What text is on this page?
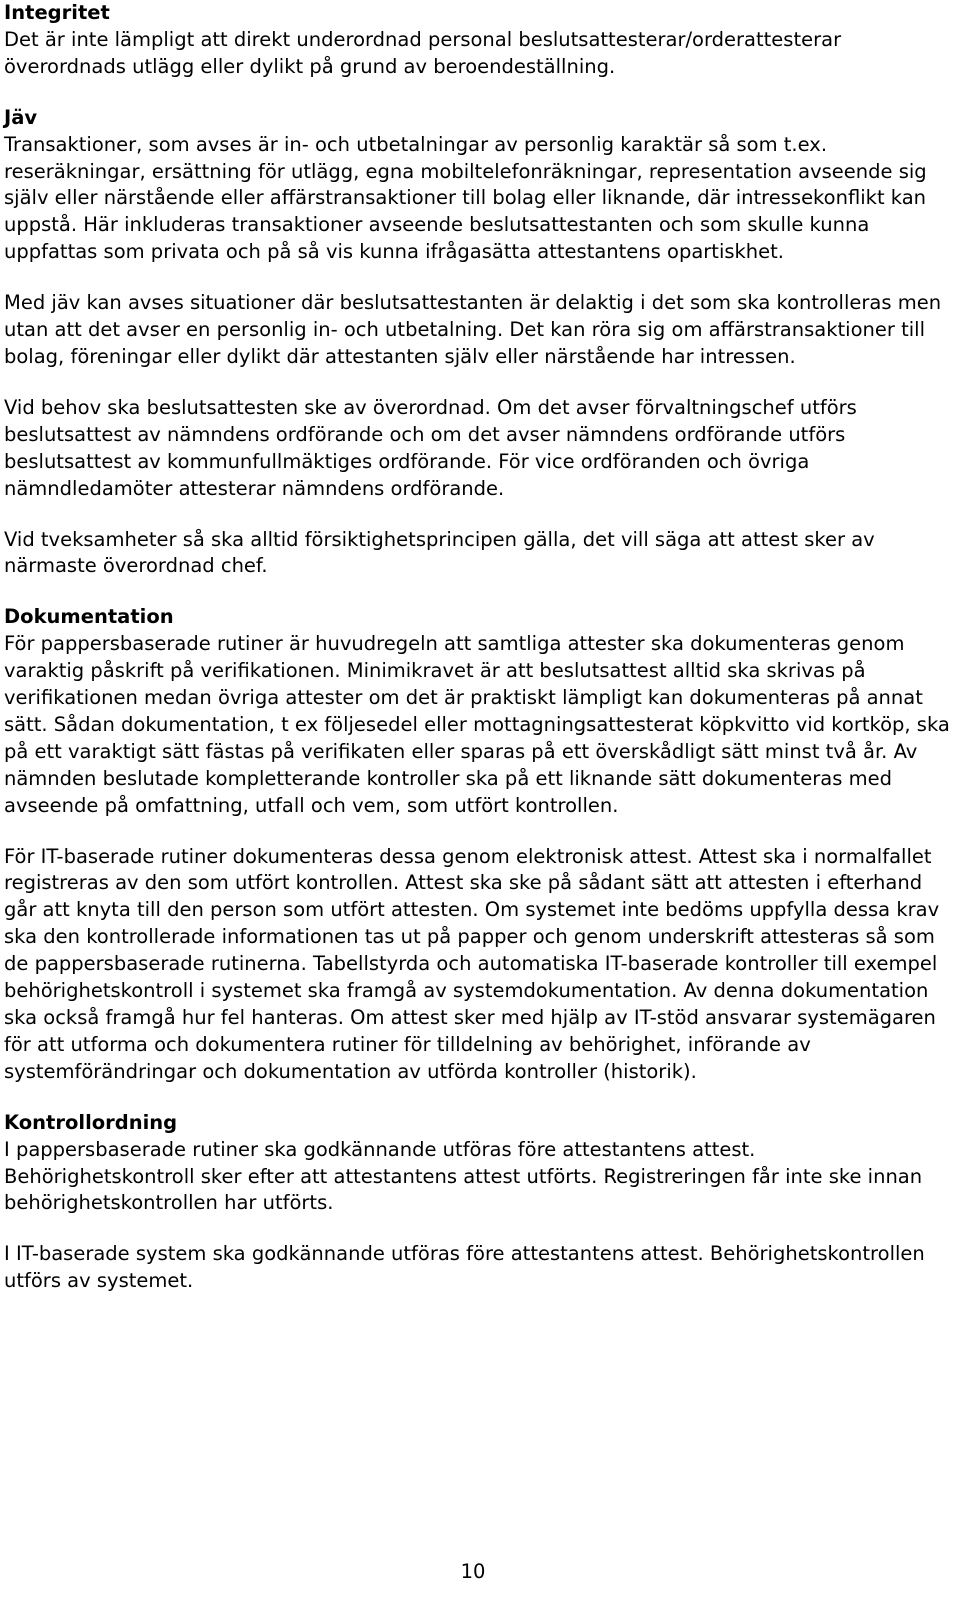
Integritet

Det är inte lämpligt att direkt underordnad personal beslutsattesterar/orderattesterar överordnads utlägg eller dylikt på grund av beroendeställning.

Jäv

Transaktioner, som avses är in- och utbetalningar av personlig karaktär så som t.ex. reseräkningar, ersättning för utlägg, egna mobiltelefonräkningar, representation avseende sig själv eller närstående eller affärstransaktioner till bolag eller liknande, där intressekonflikt kan uppstå. Här inkluderas transaktioner avseende beslutsattestanten och som skulle kunna uppfattas som privata och på så vis kunna ifrågasätta attestantens opartiskhet.

Med jäv kan avses situationer där beslutsattestanten är delaktig i det som ska kontrolleras men utan att det avser en personlig in- och utbetalning. Det kan röra sig om affärstransaktioner till bolag, föreningar eller dylikt där attestanten själv eller närstående har intressen.

Vid behov ska beslutsattesten ske av överordnad. Om det avser förvaltningschef utförs beslutsattest av nämndens ordförande och om det avser nämndens ordförande utförs beslutsattest av kommunfullmäktiges ordförande. För vice ordföranden och övriga nämndledamöter attesterar nämndens ordförande.

Vid tveksamheter så ska alltid försiktighetsprincipen gälla, det vill säga att attest sker av närmaste överordnad chef.

Dokumentation

För pappersbaserade rutiner är huvudregeln att samtliga attester ska dokumenteras genom varaktig påskrift på verifikationen. Minimikravet är att beslutsattest alltid ska skrivas på verifikationen medan övriga attester om det är praktiskt lämpligt kan dokumenteras på annat sätt. Sådan dokumentation, t ex följesedel eller mottagningsattesterat köpkvitto vid kortköp, ska på ett varaktigt sätt fästas på verifikaten eller sparas på ett överskådligt sätt minst två år. Av nämnden beslutade kompletterande kontroller ska på ett liknande sätt dokumenteras med avseende på omfattning, utfall och vem, som utfört kontrollen.

För IT-baserade rutiner dokumenteras dessa genom elektronisk attest. Attest ska i normalfallet registreras av den som utfört kontrollen. Attest ska ske på sådant sätt att attesten i efterhand går att knyta till den person som utfört attesten. Om systemet inte bedöms uppfylla dessa krav ska den kontrollerade informationen tas ut på papper och genom underskrift attesteras så som de pappersbaserade rutinerna. Tabellstyrda och automatiska IT-baserade kontroller till exempel behörighetskontroll i systemet ska framgå av systemdokumentation. Av denna dokumentation ska också framgå hur fel hanteras. Om attest sker med hjälp av IT-stöd ansvarar systemägaren för att utforma och dokumentera rutiner för tilldelning av behörighet, införande av systemförändringar och dokumentation av utförda kontroller (historik).

Kontrollordning

I pappersbaserade rutiner ska godkännande utföras före attestantens attest. Behörighetskontroll sker efter att attestantens attest utförts. Registreringen får inte ske innan behörighetskontrollen har utförts.

I IT-baserade system ska godkännande utföras före attestantens attest. Behörighetskontrollen utförs av systemet.

10
